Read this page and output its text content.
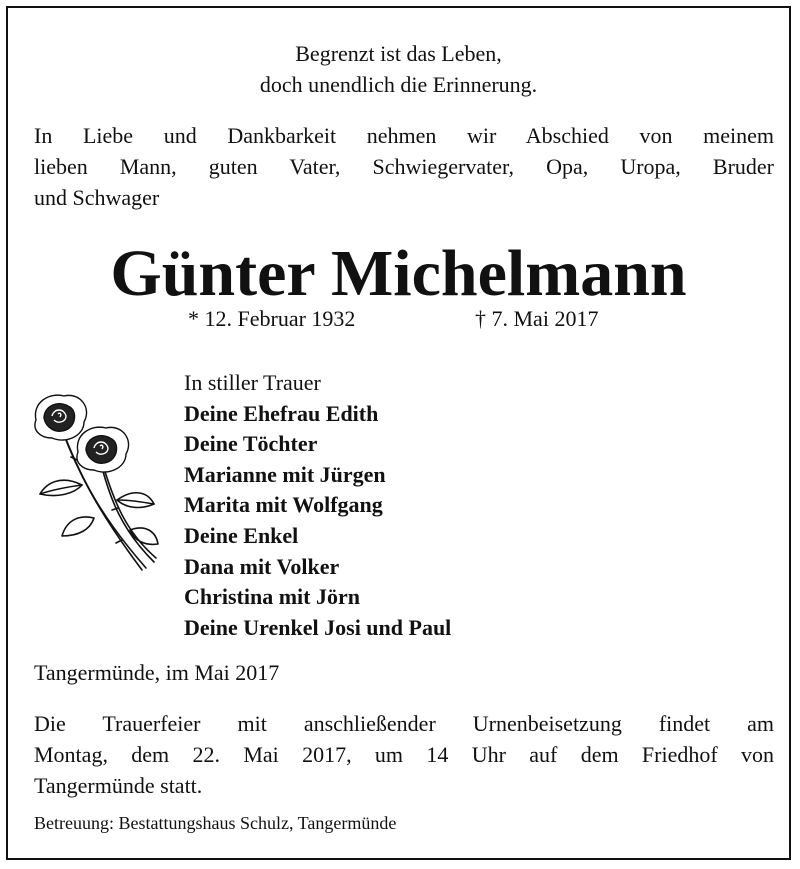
Begrenzt ist das Leben,
doch unendlich die Erinnerung.
In Liebe und Dankbarkeit nehmen wir Abschied von meinem
lieben Mann, guten Vater, Schwiegervater, Opa, Uropa, Bruder
und Schwager
Günter Michelmann
* 12. Februar 1932	† 7. Mai 2017
In stiller Trauer
Deine Ehefrau Edith
Deine Töchter
Marianne mit Jürgen
Marita mit Wolfgang
Deine Enkel
Dana mit Volker
Christina mit Jörn
Deine Urenkel Josi und Paul
Tangermünde, im Mai 2017
Die Trauerfeier mit anschließender Urnenbeisetzung findet am
Montag, dem 22. Mai 2017, um 14 Uhr auf dem Friedhof von
Tangermünde statt.
Betreuung: Bestattungshaus Schulz, Tangermünde
